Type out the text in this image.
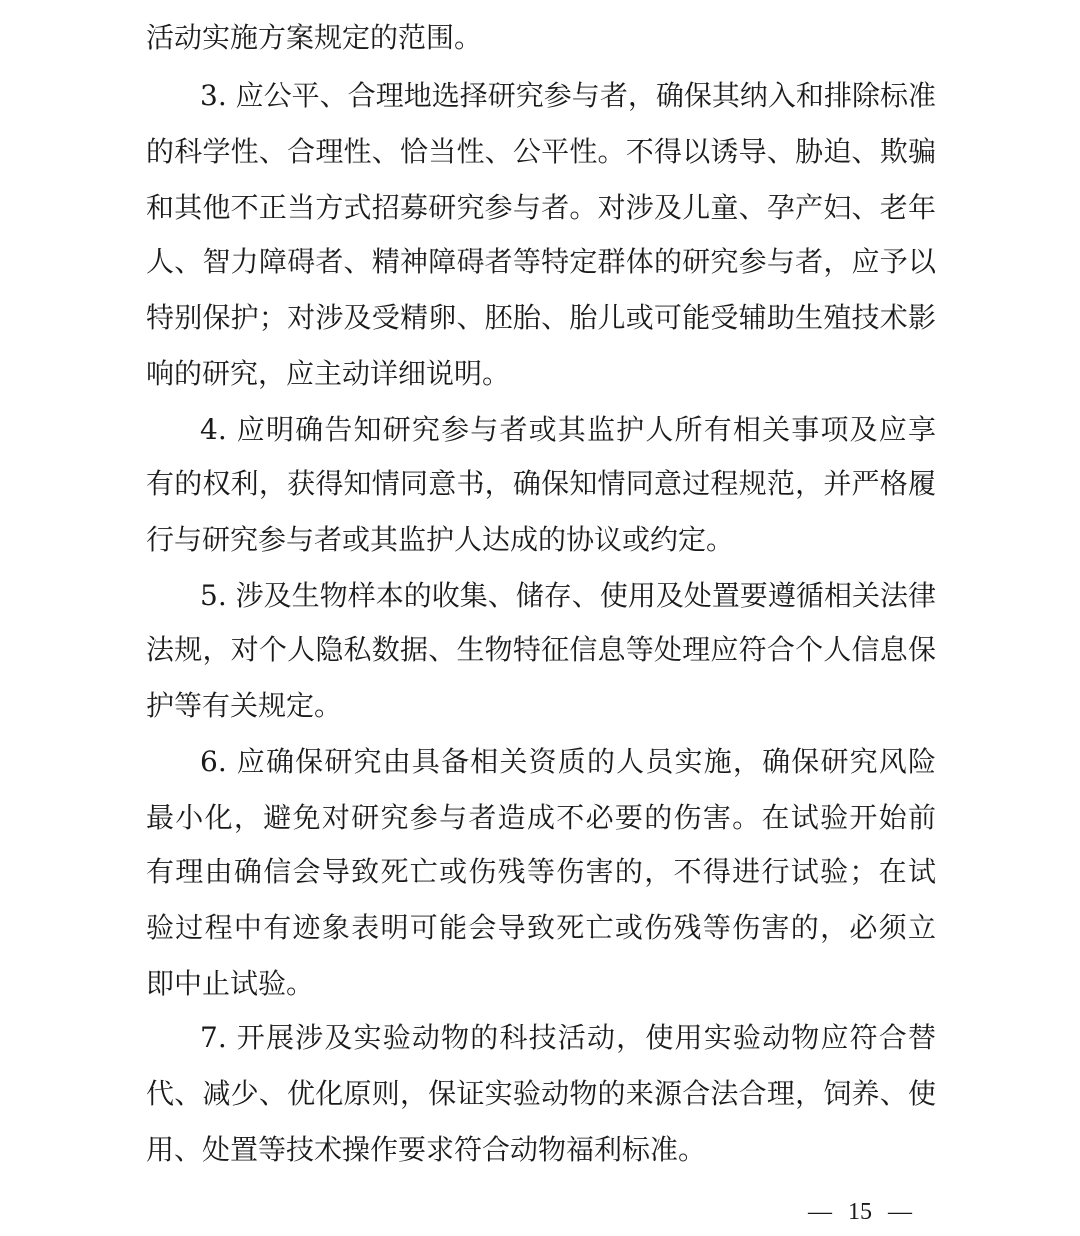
活动实施方案规定的范围。
3. 应公平、合理地选择研究参与者，确保其纳入和排除标准
的科学性、合理性、恰当性、公平性。不得以诱导、胁迫、欺骗
和其他不正当方式招募研究参与者。对涉及儿童、孕产妇、老年
人、智力障碍者、精神障碍者等特定群体的研究参与者，应予以
特别保护；对涉及受精卵、胚胎、胎儿或可能受辅助生殖技术影
响的研究，应主动详细说明。
4. 应明确告知研究参与者或其监护人所有相关事项及应享
有的权利，获得知情同意书，确保知情同意过程规范，并严格履
行与研究参与者或其监护人达成的协议或约定。
5. 涉及生物样本的收集、储存、使用及处置要遵循相关法律
法规，对个人隐私数据、生物特征信息等处理应符合个人信息保
护等有关规定。
6. 应确保研究由具备相关资质的人员实施，确保研究风险
最小化，避免对研究参与者造成不必要的伤害。在试验开始前
有理由确信会导致死亡或伤残等伤害的，不得进行试验；在试
验过程中有迹象表明可能会导致死亡或伤残等伤害的，必须立
即中止试验。
7. 开展涉及实验动物的科技活动，使用实验动物应符合替
代、减少、优化原则，保证实验动物的来源合法合理，饲养、使
用、处置等技术操作要求符合动物福利标准。
— 15 —
